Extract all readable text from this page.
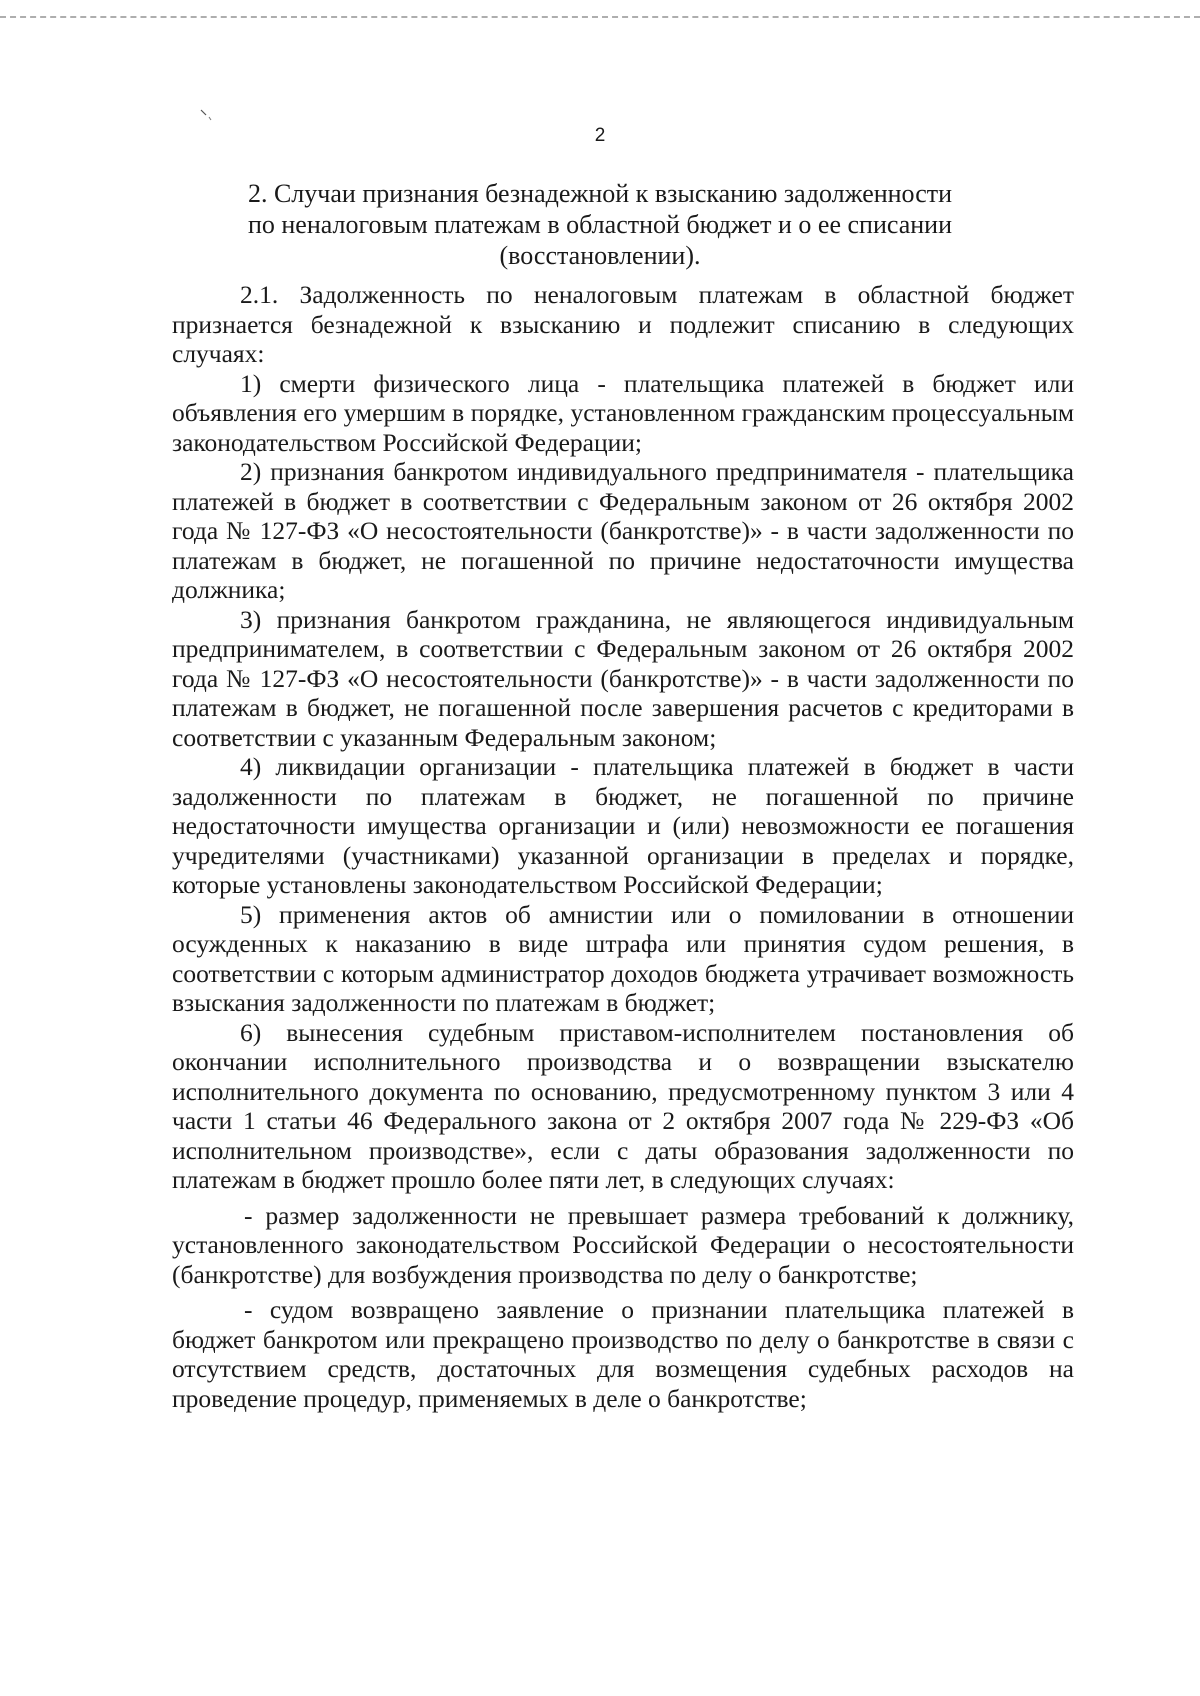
2
2. Случаи признания безнадежной к взысканию задолженности
по неналоговым платежам в областной бюджет и о ее списании
(восстановлении).

2.1. Задолженность по неналоговым платежам в областной бюджет признается безнадежной к взысканию и подлежит списанию в следующих случаях:

1) смерти физического лица - плательщика платежей в бюджет или объявления его умершим в порядке, установленном гражданским процессуальным законодательством Российской Федерации;

2) признания банкротом индивидуального предпринимателя - плательщика платежей в бюджет в соответствии с Федеральным законом от 26 октября 2002 года № 127-ФЗ «О несостоятельности (банкротстве)» - в части задолженности по платежам в бюджет, не погашенной по причине недостаточности имущества должника;

3) признания банкротом гражданина, не являющегося индивидуальным предпринимателем, в соответствии с Федеральным законом от 26 октября 2002 года № 127-ФЗ «О несостоятельности (банкротстве)» - в части задолженности по платежам в бюджет, не погашенной после завершения расчетов с кредиторами в соответствии с указанным Федеральным законом;

4) ликвидации организации - плательщика платежей в бюджет в части задолженности по платежам в бюджет, не погашенной по причине недостаточности имущества организации и (или) невозможности ее погашения учредителями (участниками) указанной организации в пределах и порядке, которые установлены законодательством Российской Федерации;

5) применения актов об амнистии или о помиловании в отношении осужденных к наказанию в виде штрафа или принятия судом решения, в соответствии с которым администратор доходов бюджета утрачивает возможность взыскания задолженности по платежам в бюджет;

6) вынесения судебным приставом-исполнителем постановления об окончании исполнительного производства и о возвращении взыскателю исполнительного документа по основанию, предусмотренному пунктом 3 или 4 части 1 статьи 46 Федерального закона от 2 октября 2007 года № 229-ФЗ «Об исполнительном производстве», если с даты образования задолженности по платежам в бюджет прошло более пяти лет, в следующих случаях:

- размер задолженности не превышает размера требований к должнику, установленного законодательством Российской Федерации о несостоятельности (банкротстве) для возбуждения производства по делу о банкротстве;

- судом возвращено заявление о признании плательщика платежей в бюджет банкротом или прекращено производство по делу о банкротстве в связи с отсутствием средств, достаточных для возмещения судебных расходов на проведение процедур, применяемых в деле о банкротстве;
